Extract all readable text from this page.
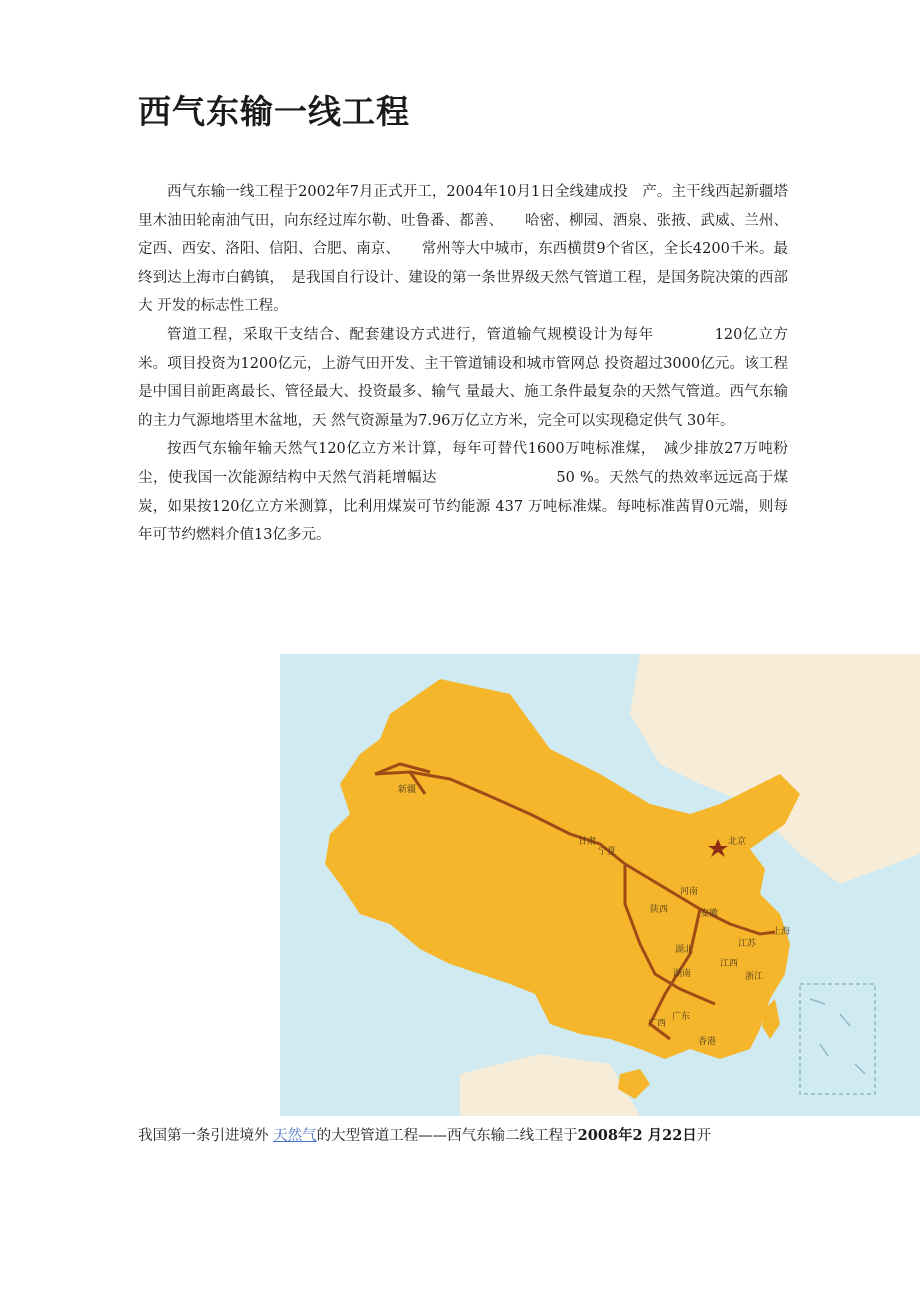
西气东输一线工程

西气东输一线工程于2002年7月正式开工，2004年10月1日全线建成投　产。主干线西起新疆塔里木油田轮南油气田，向东经过库尔勒、吐鲁番、都善、　　哈密、柳园、酒泉、张掖、武威、兰州、定西、西安、洛阳、信阳、合肥、南京、　　常州等大中城市，东西横贯9个省区，全长4200千米。最终到达上海市白鹤镇，　是我国自行设计、建设的第一条世界级天然气管道工程，是国务院决策的西部大 开发的标志性工程。

管道工程，采取干支结合、配套建设方式进行，管道输气规模设计为每年　　　　120亿立方米。项目投资为1200亿元，上游气田开发、主干管道铺设和城市管网总 投资超过3000亿元。该工程是中国目前距离最长、管径最大、投资最多、输气 量最大、施工条件最复杂的天然气管道。西气东输的主力气源地塔里木盆地，天 然气资源量为7.96万亿立方米，完全可以实现稳定供气 30年。

按西气东输年输天然气120亿立方米计算，每年可替代1600万吨标准煤，　减少排放27万吨粉尘，使我国一次能源结构中天然气消耗增幅达　　　　　　　　50 %。天然气的热效率远远高于煤炭，如果按120亿立方米测算，比利用煤炭可节约能源 437 万吨标准煤。每吨标准茜胃0元端，则每年可节约燃料介值13亿多元。

新疆
北京
上海
宁夏
甘肃
河南
陕西	安徽
江苏
湖北
湖南
江西
浙江
广西
广东
香港
我国第一条引进境外 天然气的大型管道工程——西气东输二线工程于2008年2 月22日开
